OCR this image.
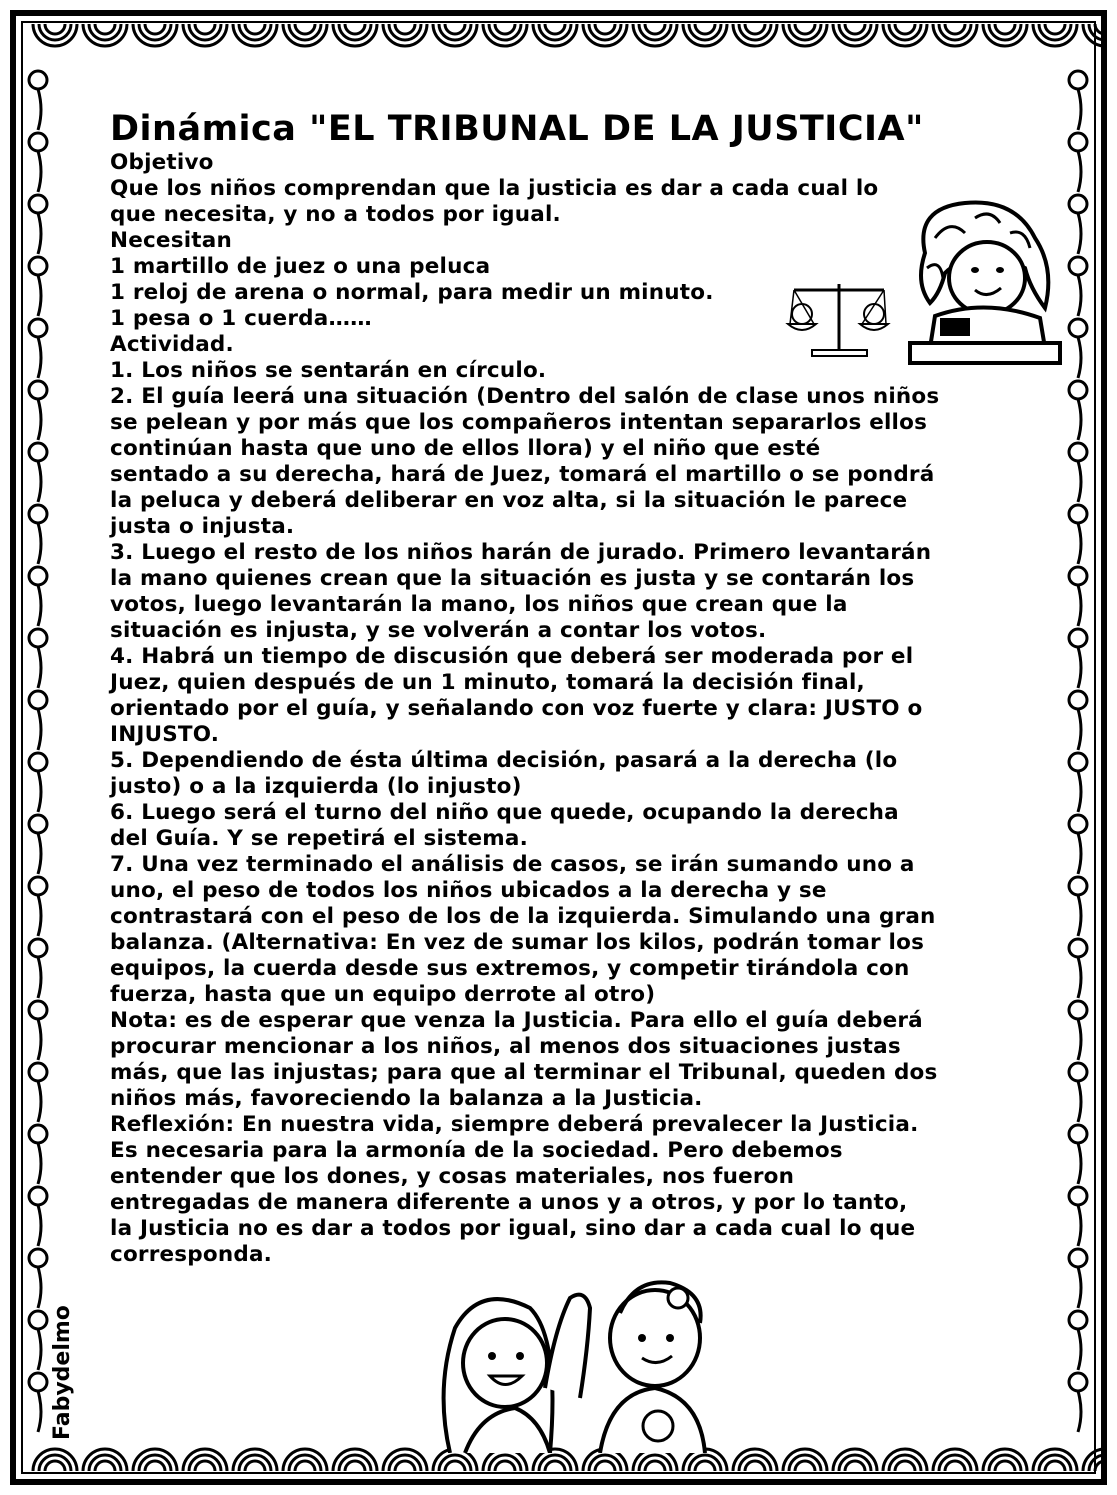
Dinámica "EL TRIBUNAL DE LA JUSTICIA"
Objetivo
Que los niños comprendan que la justicia es dar a cada cual lo
que necesita, y no a todos por igual.
Necesitan
1 martillo de juez o una peluca
1 reloj de arena o normal, para medir un minuto.
1 pesa o 1 cuerda……
Actividad.
1. Los niños se sentarán en círculo.
2. El guía leerá una situación (Dentro del salón de clase unos niños
se pelean y por más que los compañeros intentan separarlos ellos
continúan hasta que uno de ellos llora) y el niño que esté
sentado a su derecha, hará de Juez, tomará el martillo o se pondrá
la peluca y deberá deliberar en voz alta, si la situación le parece
justa o injusta.
3. Luego el resto de los niños harán de jurado. Primero levantarán
la mano quienes crean que la situación es justa y se contarán los
votos, luego levantarán la mano, los niños que crean que la
situación es injusta, y se volverán a contar los votos.
4. Habrá un tiempo de discusión que deberá ser moderada por el
Juez, quien después de un 1 minuto, tomará la decisión final,
orientado por el guía, y señalando con voz fuerte y clara: JUSTO o
INJUSTO.
5. Dependiendo de ésta última decisión, pasará a la derecha (lo
justo) o a la izquierda (lo injusto)
6. Luego será el turno del niño que quede, ocupando la derecha
del Guía. Y se repetirá el sistema.
7. Una vez terminado el análisis de casos, se irán sumando uno a
uno, el peso de todos los niños ubicados a la derecha y se
contrastará con el peso de los de la izquierda. Simulando una gran
balanza. (Alternativa: En vez de sumar los kilos, podrán tomar los
equipos, la cuerda desde sus extremos, y competir tirándola con
fuerza, hasta que un equipo derrote al otro)
Nota: es de esperar que venza la Justicia. Para ello el guía deberá
procurar mencionar a los niños, al menos dos situaciones justas
más, que las injustas; para que al terminar el Tribunal, queden dos
niños más, favoreciendo la balanza a la Justicia.
Reflexión: En nuestra vida, siempre deberá prevalecer la Justicia.
Es necesaria para la armonía de la sociedad. Pero debemos
entender que los dones, y cosas materiales, nos fueron
entregadas de manera diferente a unos y a otros, y por lo tanto,
la Justicia no es dar a todos por igual, sino dar a cada cual lo que
corresponda.
Fabydelmo
